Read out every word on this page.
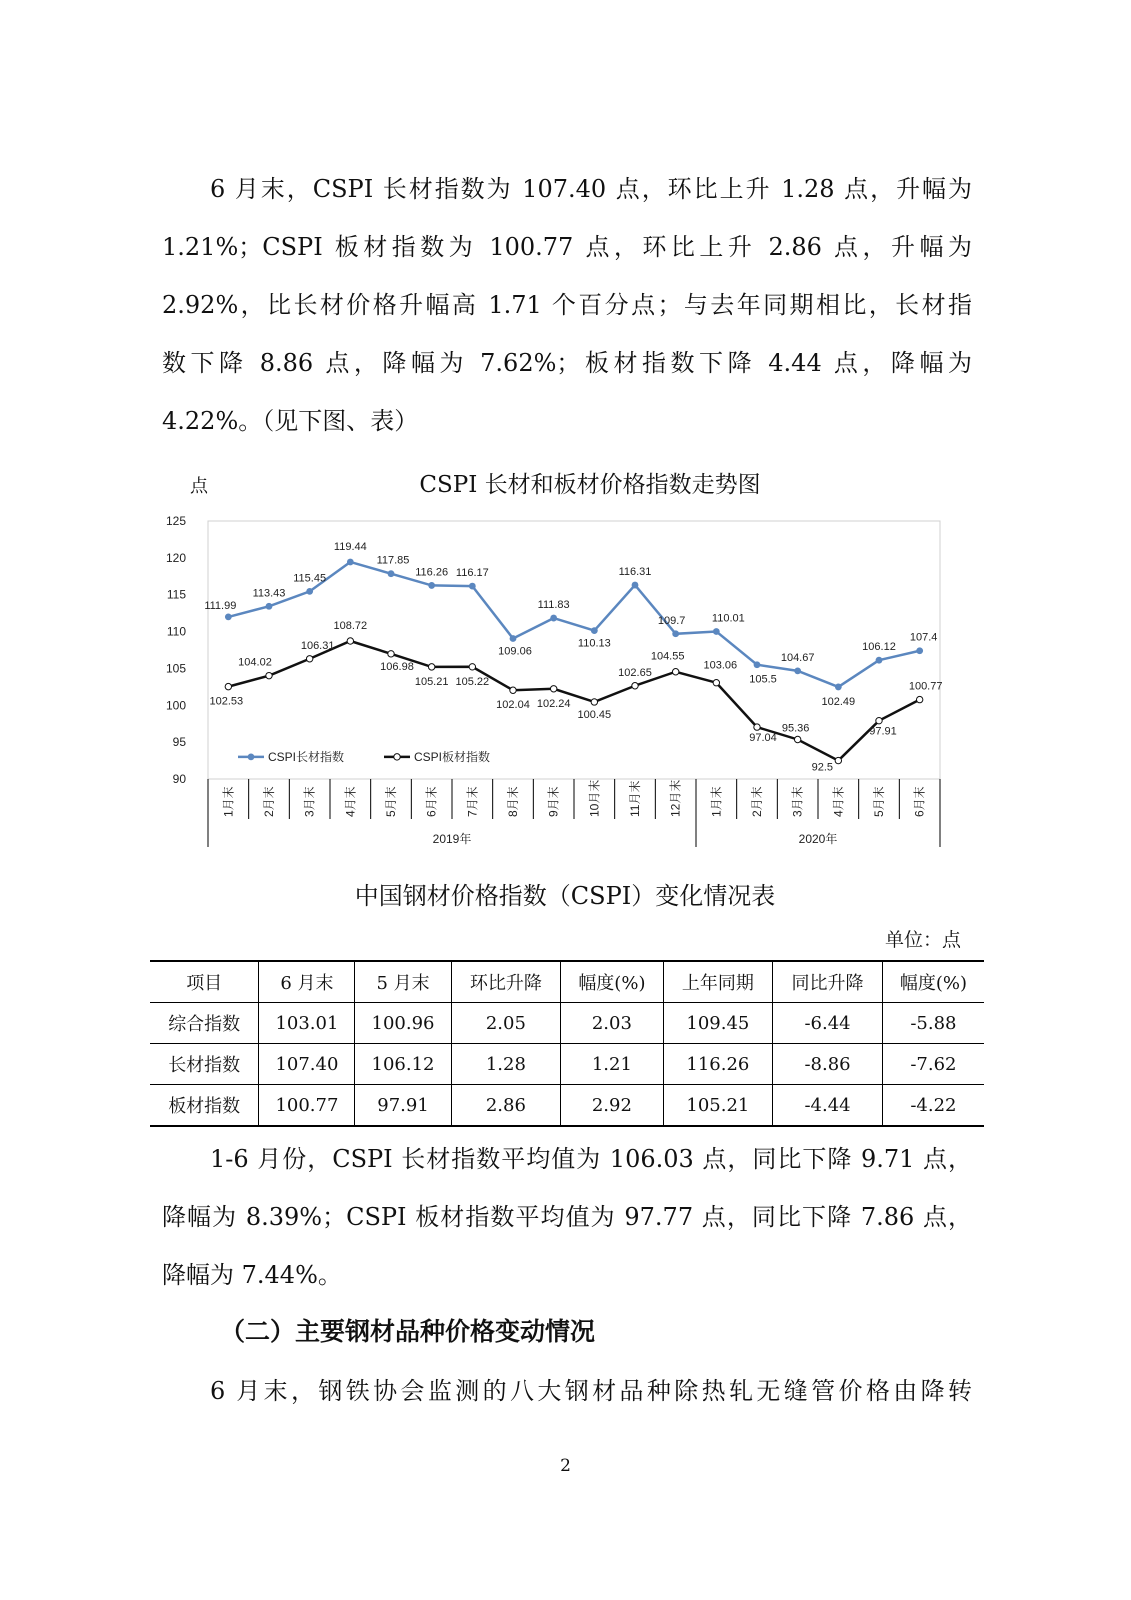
6 月末，CSPI 长材指数为 107.40 点，环比上升 1.28 点，升幅为
1.21%；CSPI 板材指数为 100.77 点，环比上升 2.86 点，升幅为
2.92%，比长材价格升幅高 1.71 个百分点；与去年同期相比，长材指
数下降 8.86 点，降幅为 7.62%；板材指数下降 4.44 点，降幅为
4.22%。（见下图、表）
点	CSPI 长材和板材价格指数走势图
90
95
100
105
110
115
120
125
1月末 2月末 3月末 4月末 5月末 6月末 7月末 8月末 9月末 10月末 11月末 12月末 1月末 2月末 3月末 4月末 5月末 6月末
2019年	2020年
111.99
113.43
115.45
119.44
117.85
116.26 116.17
109.06
111.83
110.13
116.31
109.7 110.01
105.5
104.67
102.49
106.12
107.4
102.53
104.02
106.31
108.72
106.98
105.21 105.22
102.04 102.24
100.45
102.65
104.55
103.06
97.04
95.36
92.5
97.91
100.77
CSPI长材指数	CSPI板材指数
中国钢材价格指数（CSPI）变化情况表
单位：点
项目	6 月末	5 月末	环比升降	幅度(%)	上年同期	同比升降	幅度(%)
综合指数	103.01	100.96	2.05	2.03	109.45	-6.44	-5.88
长材指数	107.40	106.12	1.28	1.21	116.26	-8.86	-7.62
板材指数	100.77	97.91	2.86	2.92	105.21	-4.44	-4.22
1-6 月份，CSPI 长材指数平均值为 106.03 点，同比下降 9.71 点，
降幅为 8.39%；CSPI 板材指数平均值为 97.77 点，同比下降 7.86 点，
降幅为 7.44%。
（二）主要钢材品种价格变动情况
6 月末，钢铁协会监测的八大钢材品种除热轧无缝管价格由降转
2
